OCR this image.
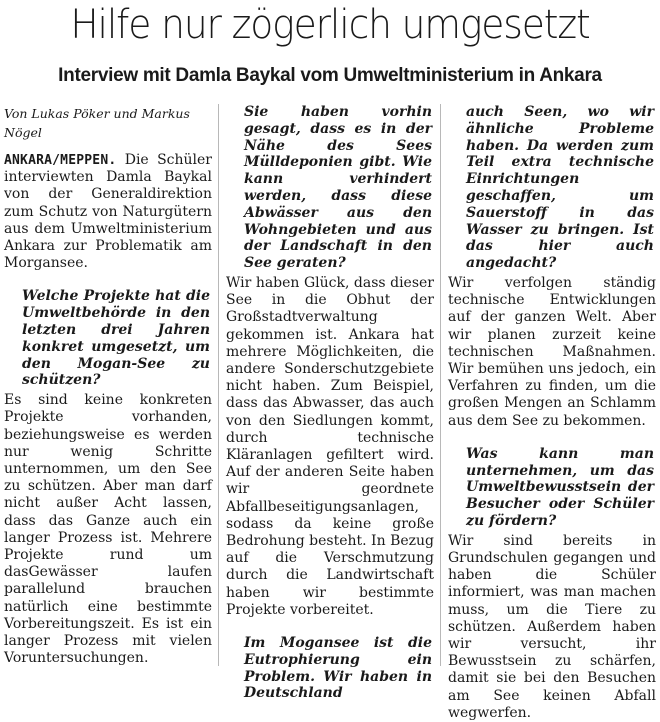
Hilfe nur zögerlich umgesetzt
Interview mit Damla Baykal vom Umweltministerium in Ankara

Von Lukas Pöker und Markus Nögel

ANKARA/MEPPEN. Die Schüler interviewten Damla Baykal von der Generaldirektion zum Schutz von Naturgütern aus dem Umweltministerium Ankara zur Problematik am Morgansee.

Welche Projekte hat die Umweltbehörde in den letzten drei Jahren konkret umgesetzt, um den Mogan-See zu schützen?

Es sind keine konkreten Projekte vorhanden, beziehungsweise es werden nur wenig Schritte unternommen, um den See zu schützen. Aber man darf nicht außer Acht lassen, dass das Ganze auch ein langer Prozess ist. Mehrere Projekte rund um dasGewässer laufen parallelund brauchen natürlich eine bestimmte Vorbereitungszeit. Es ist ein langer Prozess mit vielen Voruntersuchungen.

Sie haben vorhin gesagt, dass es in der Nähe des Sees Mülldeponien gibt. Wie kann verhindert werden, dass diese Abwässer aus den Wohngebieten und aus der Landschaft in den See geraten?

Wir haben Glück, dass dieser See in die Obhut der Großstadtverwaltung gekommen ist. Ankara hat mehrere Möglichkeiten, die andere Sonderschutzgebiete nicht haben. Zum Beispiel, dass das Abwasser, das auch von den Siedlungen kommt, durch technische Kläranlagen gefiltert wird. Auf der anderen Seite haben wir geordnete Abfallbeseitigungsanlagen, sodass da keine große Bedrohung besteht. In Bezug auf die Verschmutzung durch die Landwirtschaft haben wir bestimmte Projekte vorbereitet.

Im Mogansee ist die Eutrophierung ein Problem. Wir haben in Deutschland

auch Seen, wo wir ähnliche Probleme haben. Da werden zum Teil extra technische Einrichtungen geschaffen, um Sauerstoff in das Wasser zu bringen. Ist das hier auch angedacht?

Wir verfolgen ständig technische Entwicklungen auf der ganzen Welt. Aber wir planen zurzeit keine technischen Maßnahmen. Wir bemühen uns jedoch, ein Verfahren zu finden, um die großen Mengen an Schlamm aus dem See zu bekommen.

Was kann man unternehmen, um das Umweltbewusstsein der Besucher oder Schüler zu fördern?

Wir sind bereits in Grundschulen gegangen und haben die Schüler informiert, was man machen muss, um die Tiere zu schützen. Außerdem haben wir versucht, ihr Bewusstsein zu schärfen, damit sie bei den Besuchen am See keinen Abfall wegwerfen.
